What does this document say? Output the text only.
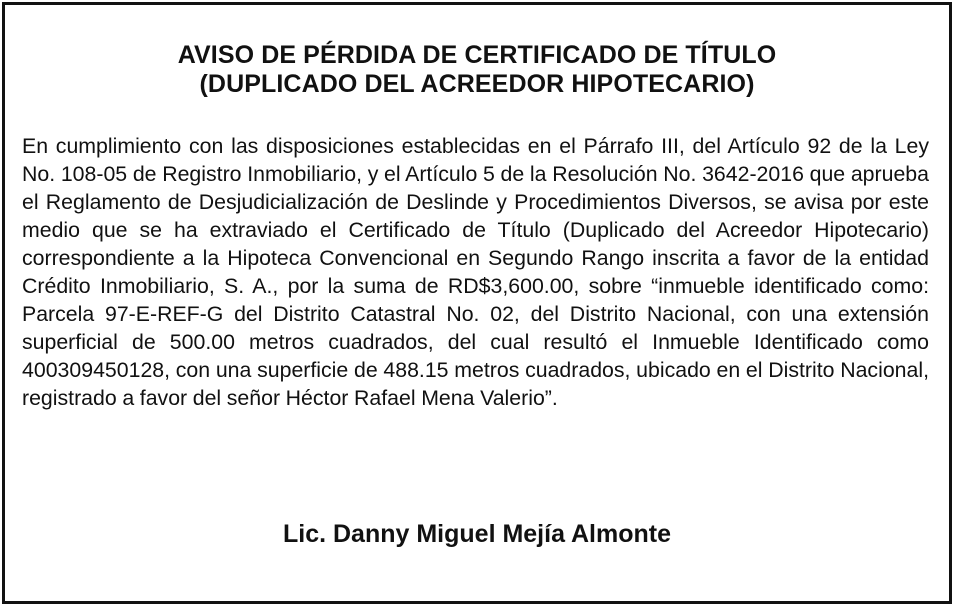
AVISO DE PÉRDIDA DE CERTIFICADO DE TÍTULO
(DUPLICADO DEL ACREEDOR HIPOTECARIO)

En cumplimiento con las disposiciones establecidas en el Párrafo III, del Artículo 92 de la Ley No. 108-05 de Registro Inmobiliario, y el Artículo 5 de la Resolución No. 3642-2016 que aprueba el Reglamento de Desjudicialización de Deslinde y Procedimientos Diversos, se avisa por este medio que se ha extraviado el Certificado de Título (Duplicado del Acreedor Hipotecario) correspondiente a la Hipoteca Convencional en Segundo Rango inscrita a favor de la entidad Crédito Inmobiliario, S. A., por la suma de RD$3,600.00, sobre “inmueble identificado como: Parcela 97-E-REF-G del Distrito Catastral No. 02, del Distrito Nacional, con una extensión superficial de 500.00 metros cuadrados, del cual resultó el Inmueble Identificado como 400309450128, con una superficie de 488.15 metros cuadrados, ubicado en el Distrito Nacional, registrado a favor del señor Héctor Rafael Mena Valerio”.

Lic. Danny Miguel Mejía Almonte
